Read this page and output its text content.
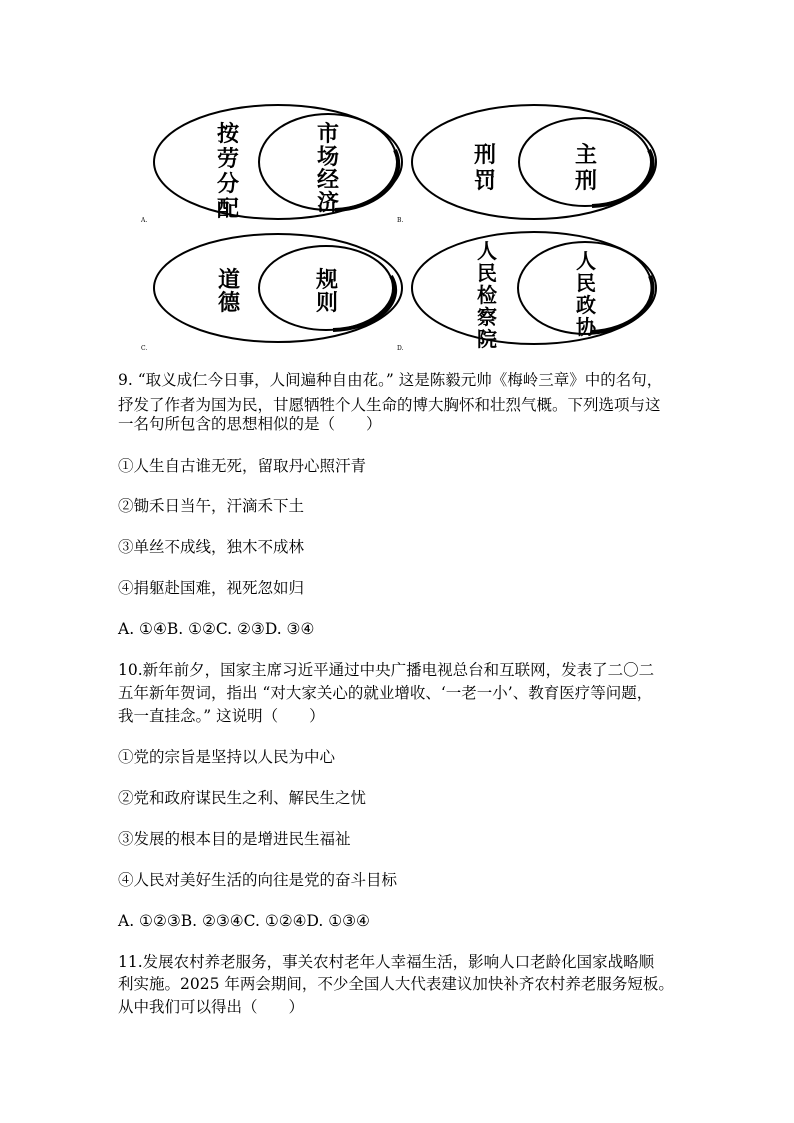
按
劳
分
配
市
场
经
济
A.
刑
罚
主
刑
B.
道
德
规
则
C.
人
民
检
察
院
人
民
政
协
D.
9. “取义成仁今日事，人间遍种自由花。” 这是陈毅元帅《梅岭三章》中的名句，
抒发了作者为国为民，甘愿牺牲个人生命的博大胸怀和壮烈气概。下列选项与这
一名句所包含的思想相似的是（　　）
①人生自古谁无死，留取丹心照汗青
②锄禾日当午，汗滴禾下土
③单丝不成线，独木不成林
④捐躯赴国难，视死忽如归
A. ①④B. ①②C. ②③D. ③④
10.新年前夕，国家主席习近平通过中央广播电视总台和互联网，发表了二〇二
五年新年贺词，指出 “对大家关心的就业增收、‘一老一小’、教育医疗等问题，
我一直挂念。” 这说明（　　）
①党的宗旨是坚持以人民为中心
②党和政府谋民生之利、解民生之忧
③发展的根本目的是增进民生福祉
④人民对美好生活的向往是党的奋斗目标
A. ①②③B. ②③④C. ①②④D. ①③④
11.发展农村养老服务，事关农村老年人幸福生活，影响人口老龄化国家战略顺
利实施。2025 年两会期间，不少全国人大代表建议加快补齐农村养老服务短板。
从中我们可以得出（　　）
